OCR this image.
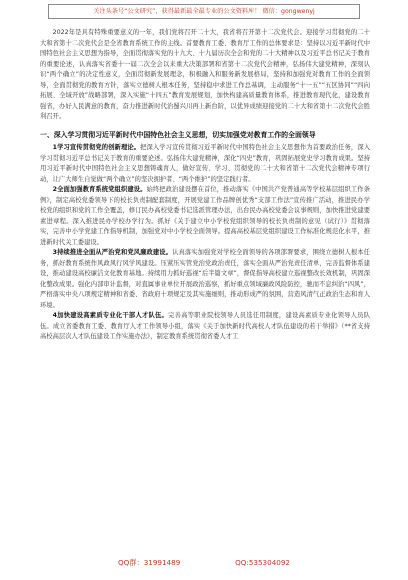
关注头条号“公文研究”，获得最新最全最专业的公文资料库！ 微信：gongwenyj

2022年是具有特殊重要意义的一年，我们党将召开二十大，我省将召开第十二次党代会。迎接学习贯彻党的二十大和省第十二次党代会是全省教育系统工作的主线。首要教育工委、教育厅工作的总体要求是：坚持以习近平新时代中国特色社会主义思想为指导，全面贯彻落实党的十九大、十九届历次全会和党的二十大精神以及习近平总书记关于教育的重要论述，认真落实省委十一届二次全会以来重大决策部署和省第十二次党代会精神，弘扬伟大建党精神，深刻认识“两个确立”的决定性意义，全面贯彻新发展理念，积极融入和服务新发展格局，坚持和加强党对教育工作的全面领导，全面贯彻党的教育方针，落实立德树人根本任务，坚持稳中求进工作总基调，主动服务“十一五”“五区协同”“四向拓展、全域开放”战略部署，深入实施“十四五”教育发展规划，加快构建高质量教育体系，推进教育现代化，建设教育强省，办好人民满意的教育，奋力推进新时代治蜀兴川再上新台阶，以优异成绩迎接党的二十大和省第十二次党代会胜利召开。

一、深入学习贯彻习近平新时代中国特色社会主义思想，切实加强党对教育工作的全面领导

1学习宣传贯彻党的创新理论。把深入学习宣传贯彻习近平新时代中国特色社会主义思想作为首要政治任务，深入学习贯彻习近平总书记关于教育的重要论述。弘扬伟大建党精神，深化“四史”教育，巩固拓展党史学习教育成果。坚持用习近平新时代中国特色社会主义思想铸魂育人，做好宣传、学习、贯彻党的二十大和省第十二次党代会精神专项行动，让广大师生自觉做“两个确立”的坚决拥护者、“两个维护”的坚定践行者。

2全面加强教育系统党组织建设。始终把政治建设摆在首位，推动落实《中国共产党普通高等学校基层组织工作条例》，制定高校党委领导下的校长负责制配套制度，开展党建工作品牌创优秀“支部工作法”宣传推广活动，推进民办学校党的组织和党的工作全覆盖，修订民办高校党委书记选派管理办法，出台民办高校党委会议事规则，加快推进党建要素进章程。深入推进民办学校办学行为。抓好《关于建立中小学校党组织领导的校长负责制的意见（试行）》贯彻落实，完善中小学党建工作指导机制，加强党对中小学校全面领导。提高高校基层党组织建设工作标准化规范化水平，推进新时代关工委建设。

3持续推进全面从严治党和党风廉政建设。认真落实加强党对学校全面领导的各项部署要求，围绕立德树人根本任务，抓好教育系统作风政风行风学风建设。压紧压实管党治党政治责任，落实全面从严治党责任清单，完善监督体系建设，推动建设高校廉洁文化教育基地。持续用力抓好巡视“后半篇文章”，督促指导高校建立巡视整改长效机制，巩固深化整改成果。强化内部审计监督，对直属事业单位开展政治巡察，抓好重点领域廉政风险防控，驰而不息纠治“四风”，严格落实中央八项规定精神和省委、省政府十项规定及其实施细则，推动形成严的氛围，营造风清气正政治生态和育人环境。

4加快建设高素质专业化干部人才队伍。完善高等职业院校领导人员选任用制度，建设高素质专业化领导人员队伍。成立省委教育工委、教育厅人才工作领导小组，落实《关于加快新时代高校人才队伍建设的若干举措》（**省支持高校高层次人才队伍建设工作实施办法》，制定教育系统贯彻省委人才工

QQ群：31991489	QQ:535304092
